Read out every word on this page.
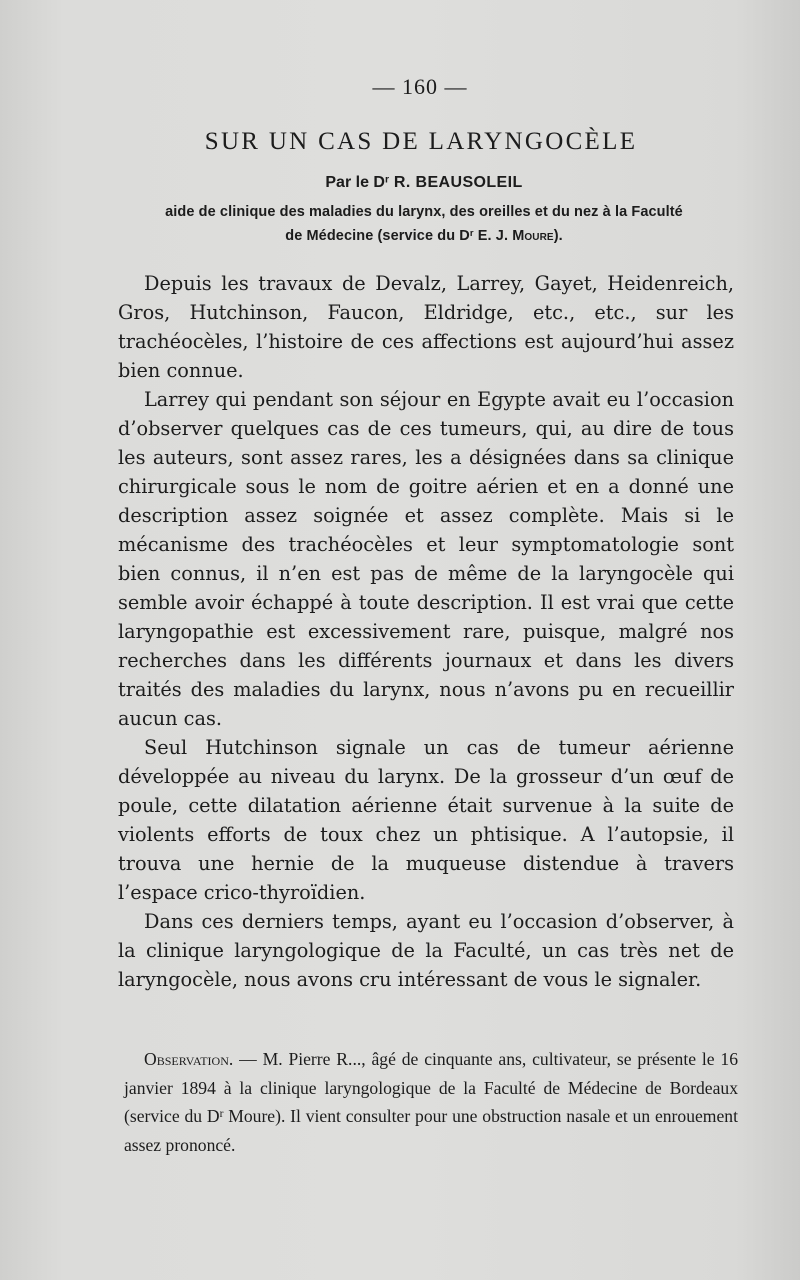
— 160 —
SUR UN CAS DE LARYNGOCÈLE
Par le $D^r$ R. BEAUSOLEIL
aide de clinique des maladies du larynx, des oreilles et du nez à la Faculté
de Médecine (service du $D^r$ E. J. Moure).

Depuis les travaux de Devalz, Larrey, Gayet, Heidenreich, Gros, Hutchinson, Faucon, Eldridge, etc., etc., sur les trachéocèles, l’histoire de ces affections est aujourd’hui assez bien connue.

Larrey qui pendant son séjour en Egypte avait eu l’occasion d’observer quelques cas de ces tumeurs, qui, au dire de tous les auteurs, sont assez rares, les a désignées dans sa clinique chirurgicale sous le nom de goitre aérien et en a donné une description assez soignée et assez complète. Mais si le mécanisme des trachéocèles et leur symptomatologie sont bien connus, il n’en est pas de même de la laryngocèle qui semble avoir échappé à toute description. Il est vrai que cette laryngopathie est excessivement rare, puisque, malgré nos recherches dans les différents journaux et dans les divers traités des maladies du larynx, nous n’avons pu en recueillir aucun cas.

Seul Hutchinson signale un cas de tumeur aérienne développée au niveau du larynx. De la grosseur d’un œuf de poule, cette dilatation aérienne était survenue à la suite de violents efforts de toux chez un phtisique. A l’autopsie, il trouva une hernie de la muqueuse distendue à travers l’espace crico-thyroïdien.

Dans ces derniers temps, ayant eu l’occasion d’observer, à la clinique laryngologique de la Faculté, un cas très net de laryngocèle, nous avons cru intéressant de vous le signaler.

Observation. — M. Pierre R..., âgé de cinquante ans, cultivateur, se présente le 16 janvier 1894 à la clinique laryngologique de la Faculté de Médecine de Bordeaux (service du $D^r$ Moure). Il vient consulter pour une obstruction nasale et un enrouement assez prononcé.
